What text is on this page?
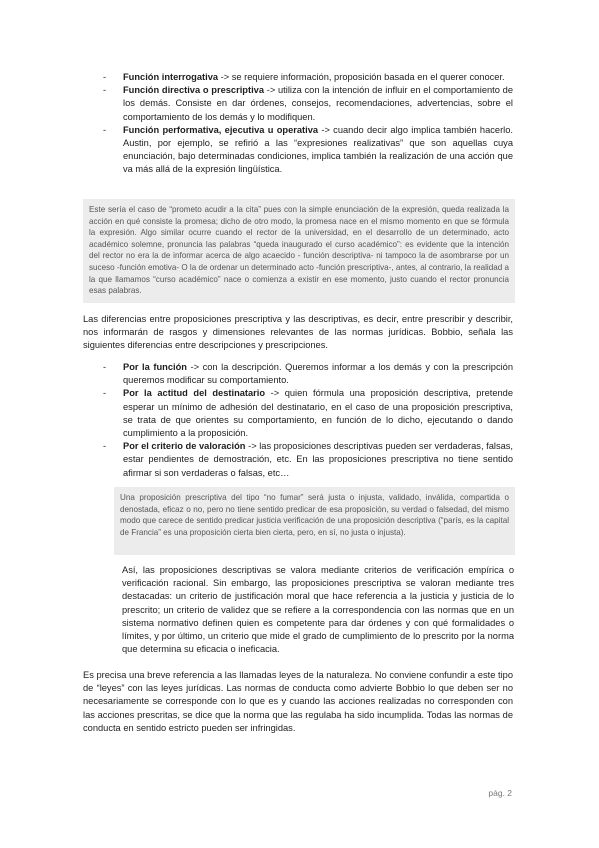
- Función interrogativa -> se requiere información, proposición basada en el querer conocer.
- Función directiva o prescriptiva -> utiliza con la intención de influir en el comportamiento de los demás. Consiste en dar órdenes, consejos, recomendaciones, advertencias, sobre el comportamiento de los demás y lo modifiquen.
- Función performativa, ejecutiva u operativa -> cuando decir algo implica también hacerlo. Austin, por ejemplo, se refirió a las “expresiones realizativas” que son aquellas cuya enunciación, bajo determinadas condiciones, implica también la realización de una acción que va más allá de la expresión lingüística.
Este sería el caso de “prometo acudir a la cita” pues con la simple enunciación de la expresión, queda realizada la acción en qué consiste la promesa; dicho de otro modo, la promesa nace en el mismo momento en que se fórmula la expresión. Algo similar ocurre cuando el rector de la universidad, en el desarrollo de un determinado, acto académico solemne, pronuncia las palabras “queda inaugurado el curso académico”: es evidente que la intención del rector no era la de informar acerca de algo acaecido - función descriptiva- ni tampoco la de asombrarse por un suceso -función emotiva- O la de ordenar un determinado acto -función prescriptiva-, antes, al contrario, la realidad a la que llamamos “curso académico” nace o comienza a existir en ese momento, justo cuando el rector pronuncia esas palabras.

Las diferencias entre proposiciones prescriptiva y las descriptivas, es decir, entre prescribir y describir, nos informarán de rasgos y dimensiones relevantes de las normas jurídicas. Bobbio, señala las siguientes diferencias entre descripciones y prescripciones.

- Por la función -> con la descripción. Queremos informar a los demás y con la prescripción queremos modificar su comportamiento.
- Por la actitud del destinatario -> quien fórmula una proposición descriptiva, pretende esperar un mínimo de adhesión del destinatario, en el caso de una proposición prescriptiva, se trata de que orientes su comportamiento, en función de lo dicho, ejecutando o dando cumplimiento a la proposición.
- Por el criterio de valoración -> las proposiciones descriptivas pueden ser verdaderas, falsas, estar pendientes de demostración, etc. En las proposiciones prescriptiva no tiene sentido afirmar si son verdaderas o falsas, etc…
Una proposición prescriptiva del tipo “no fumar” será justa o injusta, validado, inválida, compartida o denostada, eficaz o no, pero no tiene sentido predicar de esa proposición, su verdad o falsedad, del mismo modo que carece de sentido predicar justicia verificación de una proposición descriptiva (“parís, es la capital de Francia” es una proposición cierta bien cierta, pero, en sí, no justa o injusta).

Así, las proposiciones descriptivas se valora mediante criterios de verificación empírica o verificación racional. Sin embargo, las proposiciones prescriptiva se valoran mediante tres destacadas: un criterio de justificación moral que hace referencia a la justicia y justicia de lo prescrito; un criterio de validez que se refiere a la correspondencia con las normas que en un sistema normativo definen quien es competente para dar órdenes y con qué formalidades o límites, y por último, un criterio que mide el grado de cumplimiento de lo prescrito por la norma que determina su eficacia o ineficacia.

Es precisa una breve referencia a las llamadas leyes de la naturaleza. No conviene confundir a este tipo de “leyes” con las leyes jurídicas. Las normas de conducta como advierte Bobbio lo que deben ser no necesariamente se corresponde con lo que es y cuando las acciones realizadas no corresponden con las acciones prescritas, se dice que la norma que las regulaba ha sido incumplida. Todas las normas de conducta en sentido estricto pueden ser infringidas.

pág. 2
